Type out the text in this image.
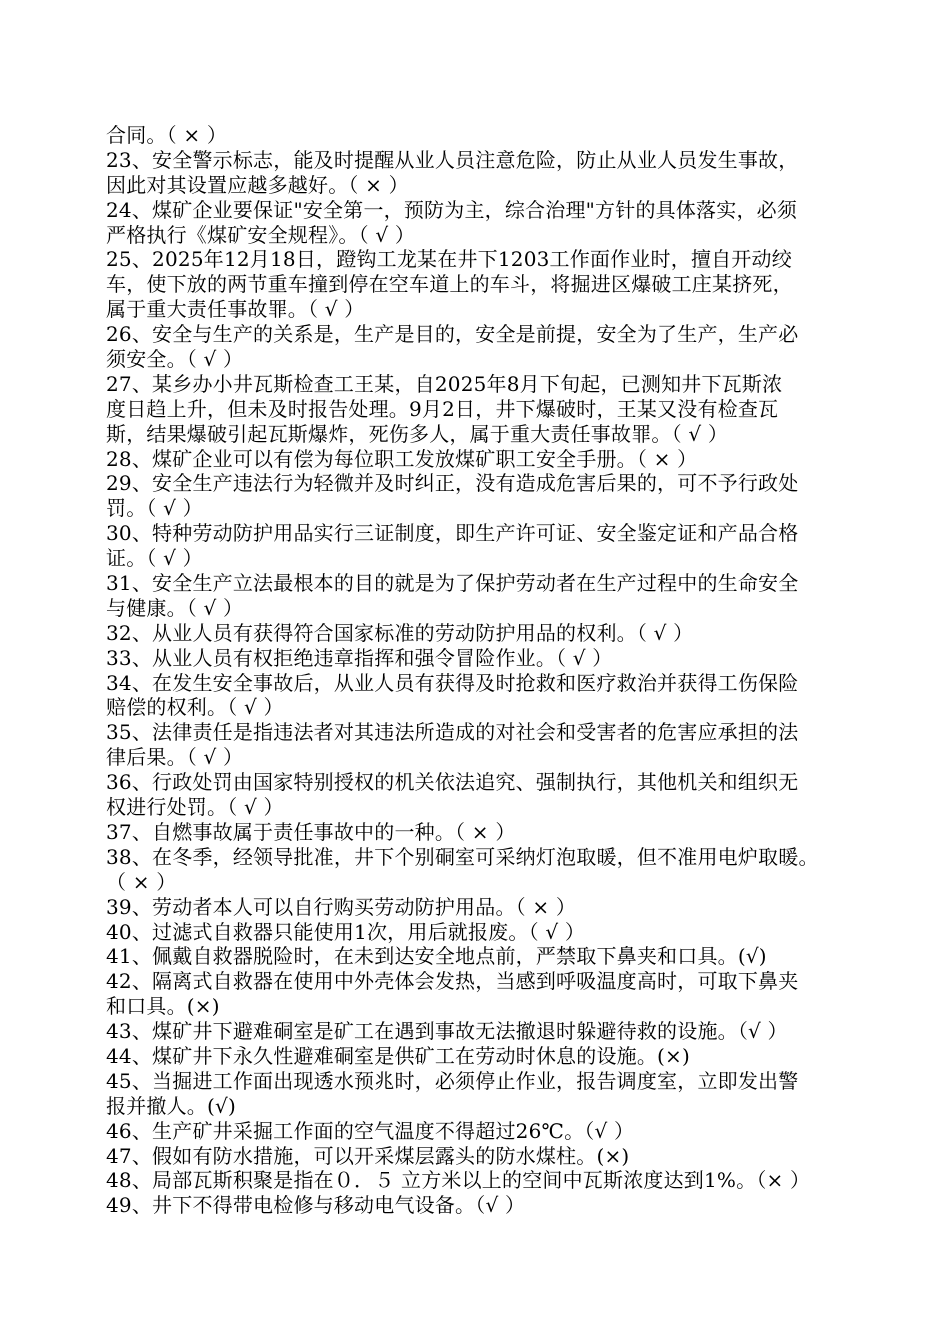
合同。（ × ）
23、安全警示标志，能及时提醒从业人员注意危险，防止从业人员发生事故，
因此对其设置应越多越好。（ × ）
24、煤矿企业要保证"安全第一，预防为主，综合治理"方针的具体落实，必须
严格执行《煤矿安全规程》。（ √ ）
25、2025年12月18日，蹬钩工龙某在井下1203工作面作业时，擅自开动绞
车，使下放的两节重车撞到停在空车道上的车斗，将掘进区爆破工庄某挤死，
属于重大责任事故罪。（ √ ）
26、安全与生产的关系是，生产是目的，安全是前提，安全为了生产，生产必
须安全。（ √ ）
27、某乡办小井瓦斯检查工王某，自2025年8月下旬起，已测知井下瓦斯浓
度日趋上升，但未及时报告处理。9月2日，井下爆破时，王某又没有检查瓦
斯，结果爆破引起瓦斯爆炸，死伤多人，属于重大责任事故罪。（ √ ）
28、煤矿企业可以有偿为每位职工发放煤矿职工安全手册。（ × ）
29、安全生产违法行为轻微并及时纠正，没有造成危害后果的，可不予行政处
罚。（ √ ）
30、特种劳动防护用品实行三证制度，即生产许可证、安全鉴定证和产品合格
证。（ √ ）
31、安全生产立法最根本的目的就是为了保护劳动者在生产过程中的生命安全
与健康。（ √ ）
32、从业人员有获得符合国家标准的劳动防护用品的权利。（ √ ）
33、从业人员有权拒绝违章指挥和强令冒险作业。（ √ ）
34、在发生安全事故后，从业人员有获得及时抢救和医疗救治并获得工伤保险
赔偿的权利。（ √ ）
35、法律责任是指违法者对其违法所造成的对社会和受害者的危害应承担的法
律后果。（ √ ）
36、行政处罚由国家特别授权的机关依法追究、强制执行，其他机关和组织无
权进行处罚。（ √ ）
37、自燃事故属于责任事故中的一种。（ × ）
38、在冬季，经领导批准，井下个别硐室可采纳灯泡取暖，但不准用电炉取暖。
（ × ）
39、劳动者本人可以自行购买劳动防护用品。（ × ）
40、过滤式自救器只能使用1次，用后就报废。（ √ ）
41、佩戴自救器脱险时，在未到达安全地点前，严禁取下鼻夹和口具。(√)
42、隔离式自救器在使用中外壳体会发热，当感到呼吸温度高时，可取下鼻夹
和口具。(×)
43、煤矿井下避难硐室是矿工在遇到事故无法撤退时躲避待救的设施。（√ ）
44、煤矿井下永久性避难硐室是供矿工在劳动时休息的设施。(×)
45、当掘进工作面出现透水预兆时，必须停止作业，报告调度室，立即发出警
报并撤人。(√)
46、生产矿井采掘工作面的空气温度不得超过26℃。（√ ）
47、假如有防水措施，可以开采煤层露头的防水煤柱。(×)
48、局部瓦斯积聚是指在０．５ 立方米以上的空间中瓦斯浓度达到1%。（× ）
49、井下不得带电检修与移动电气设备。（√ ）
